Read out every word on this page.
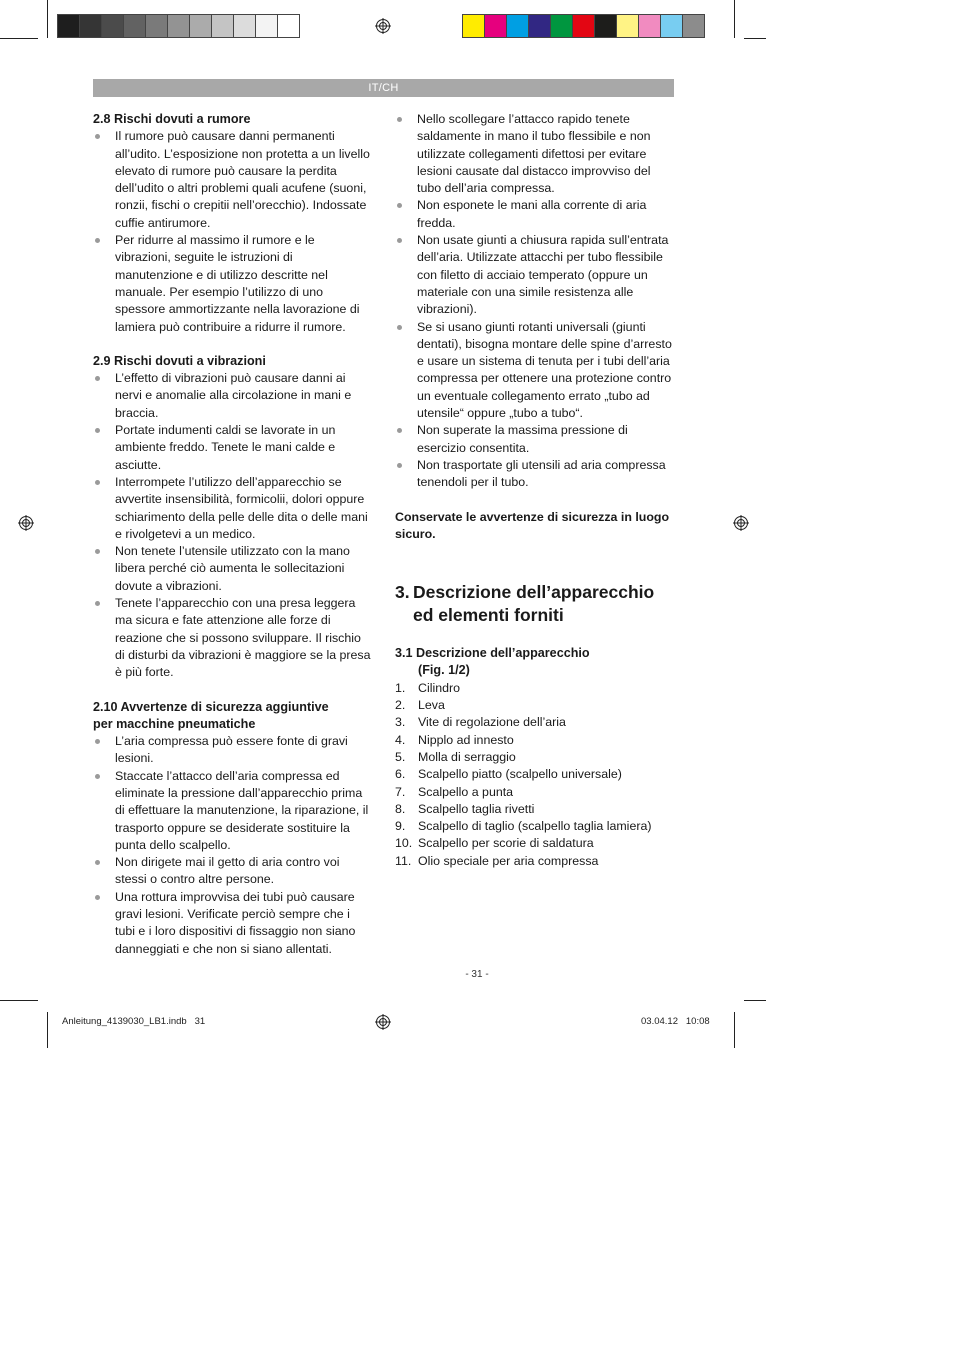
IT/CH
2.8 Rischi dovuti a rumore
Il rumore può causare danni permanenti all’udito. L’esposizione non protetta a un livello elevato di rumore può causare la perdita dell’udito o altri problemi quali acufene (suoni, ronzii, fischi o crepitii nell’orecchio). Indossate cuffie antirumore.
Per ridurre al massimo il rumore e le vibrazioni, seguite le istruzioni di manutenzione e di utilizzo descritte nel manuale. Per esempio l’utilizzo di uno spessore ammortizzante nella lavorazione di lamiera può contribuire a ridurre il rumore.
2.9 Rischi dovuti a vibrazioni
L’effetto di vibrazioni può causare danni ai nervi e anomalie alla circolazione in mani e braccia.
Portate indumenti caldi se lavorate in un ambiente freddo. Tenete le mani calde e asciutte.
Interrompete l’utilizzo dell’apparecchio se avvertite insensibilità, formicolii, dolori oppure schiarimento della pelle delle dita o delle mani e rivolgetevi a un medico.
Non tenete l’utensile utilizzato con la mano libera perché ciò aumenta le sollecitazioni dovute a vibrazioni.
Tenete l’apparecchio con una presa leggera ma sicura e fate attenzione alle forze di reazione che si possono sviluppare. Il rischio di disturbi da vibrazioni è maggiore se la presa è più forte.
2.10 Avvertenze di sicurezza aggiuntive
per macchine pneumatiche
L’aria compressa può essere fonte di gravi lesioni.
Staccate l’attacco dell’aria compressa ed eliminate la pressione dall’apparecchio prima di effettuare la manutenzione, la riparazione, il trasporto oppure se desiderate sostituire la punta dello scalpello.
Non dirigete mai il getto di aria contro voi stessi o contro altre persone.
Una rottura improvvisa dei tubi può causare gravi lesioni. Verificate perciò sempre che i tubi e i loro dispositivi di fissaggio non siano danneggiati e che non si siano allentati.
Nello scollegare l’attacco rapido tenete saldamente in mano il tubo flessibile e non utilizzate collegamenti difettosi per evitare lesioni causate dal distacco improvviso del tubo dell’aria compressa.
Non esponete le mani alla corrente di aria fredda.
Non usate giunti a chiusura rapida sull’entrata dell’aria. Utilizzate attacchi per tubo flessibile con filetto di acciaio temperato (oppure un materiale con una simile resistenza alle vibrazioni).
Se si usano giunti rotanti universali (giunti dentati), bisogna montare delle spine d’arresto e usare un sistema di tenuta per i tubi dell’aria compressa per ottenere una protezione contro un eventuale collegamento errato „tubo ad utensile“ oppure „tubo a tubo“.
Non superate la massima pressione di esercizio consentita.
Non trasportate gli utensili ad aria compressa tenendoli per il tubo.

Conservate le avvertenze di sicurezza in luogo sicuro.

3. Descrizione dell’apparecchio ed elementi forniti
3.1 Descrizione dell’apparecchio
(Fig. 1/2)
1.	Cilindro
2.	Leva
3.	Vite di regolazione dell’aria
4.	Nipplo ad innesto
5.	Molla di serraggio
6.	Scalpello piatto (scalpello universale)
7.	Scalpello a punta
8.	Scalpello taglia rivetti
9.	Scalpello di taglio (scalpello taglia lamiera)
10. Scalpello per scorie di saldatura
11. Olio speciale per aria compressa
- 31 -
Anleitung_4139030_LB1.indb   31	03.04.12   10:08
